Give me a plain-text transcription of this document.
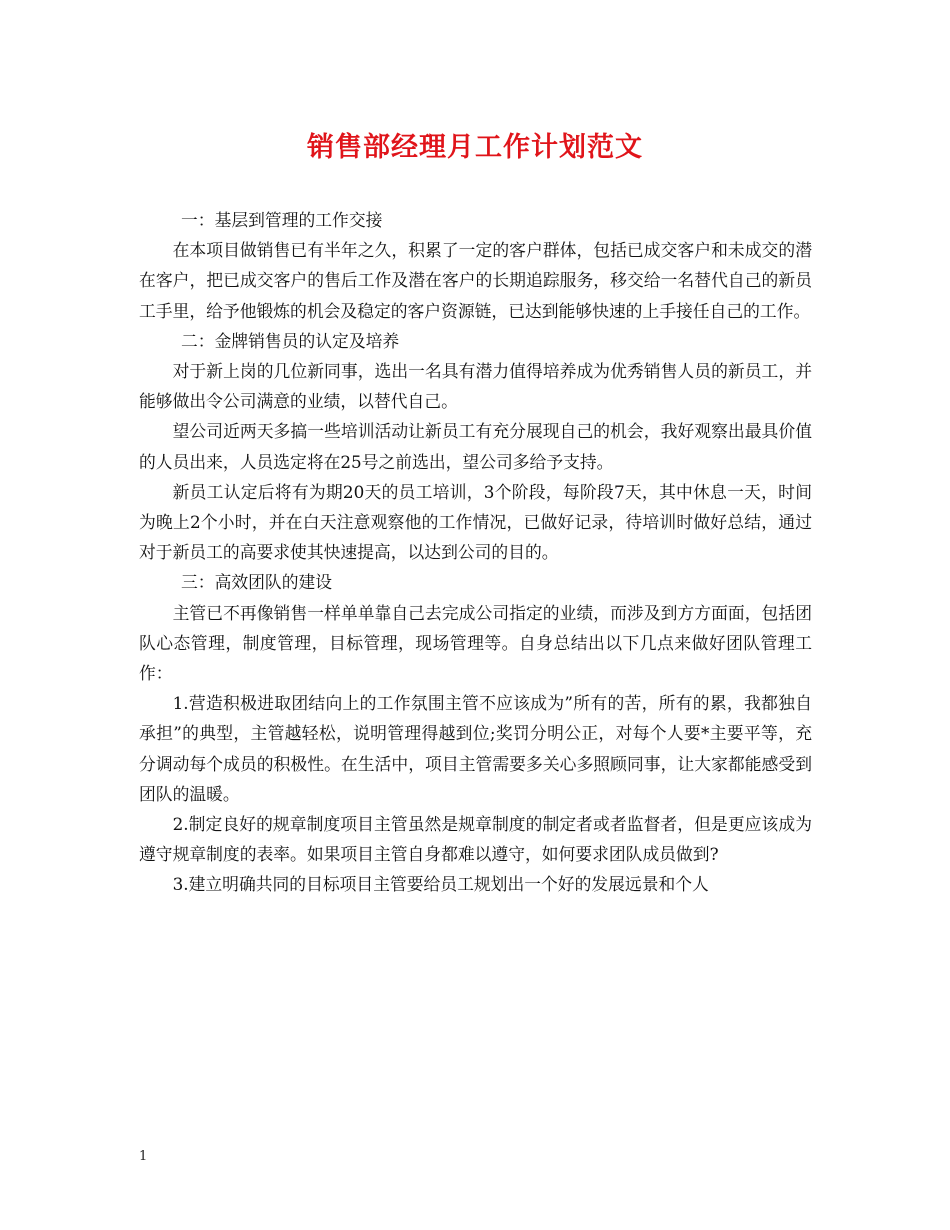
销售部经理月工作计划范文

一：基层到管理的工作交接

在本项目做销售已有半年之久，积累了一定的客户群体，包括已成交客户和未成交的潜在客户，把已成交客户的售后工作及潜在客户的长期追踪服务，移交给一名替代自己的新员工手里，给予他锻炼的机会及稳定的客户资源链，已达到能够快速的上手接任自己的工作。

二：金牌销售员的认定及培养

对于新上岗的几位新同事，选出一名具有潜力值得培养成为优秀销售人员的新员工，并能够做出令公司满意的业绩，以替代自己。

望公司近两天多搞一些培训活动让新员工有充分展现自己的机会，我好观察出最具价值的人员出来，人员选定将在25号之前选出，望公司多给予支持。

新员工认定后将有为期20天的员工培训，3个阶段，每阶段7天，其中休息一天，时间为晚上2个小时，并在白天注意观察他的工作情况，已做好记录，待培训时做好总结，通过对于新员工的高要求使其快速提高，以达到公司的目的。

三：高效团队的建设

主管已不再像销售一样单单靠自己去完成公司指定的业绩，而涉及到方方面面，包括团队心态管理，制度管理，目标管理，现场管理等。自身总结出以下几点来做好团队管理工作：

1.营造积极进取团结向上的工作氛围主管不应该成为”所有的苦，所有的累，我都独自承担”的典型，主管越轻松，说明管理得越到位;奖罚分明公正，对每个人要*主要平等，充分调动每个成员的积极性。在生活中，项目主管需要多关心多照顾同事，让大家都能感受到团队的温暖。

2.制定良好的规章制度项目主管虽然是规章制度的制定者或者监督者，但是更应该成为遵守规章制度的表率。如果项目主管自身都难以遵守，如何要求团队成员做到?

3.建立明确共同的目标项目主管要给员工规划出一个好的发展远景和个人

1
